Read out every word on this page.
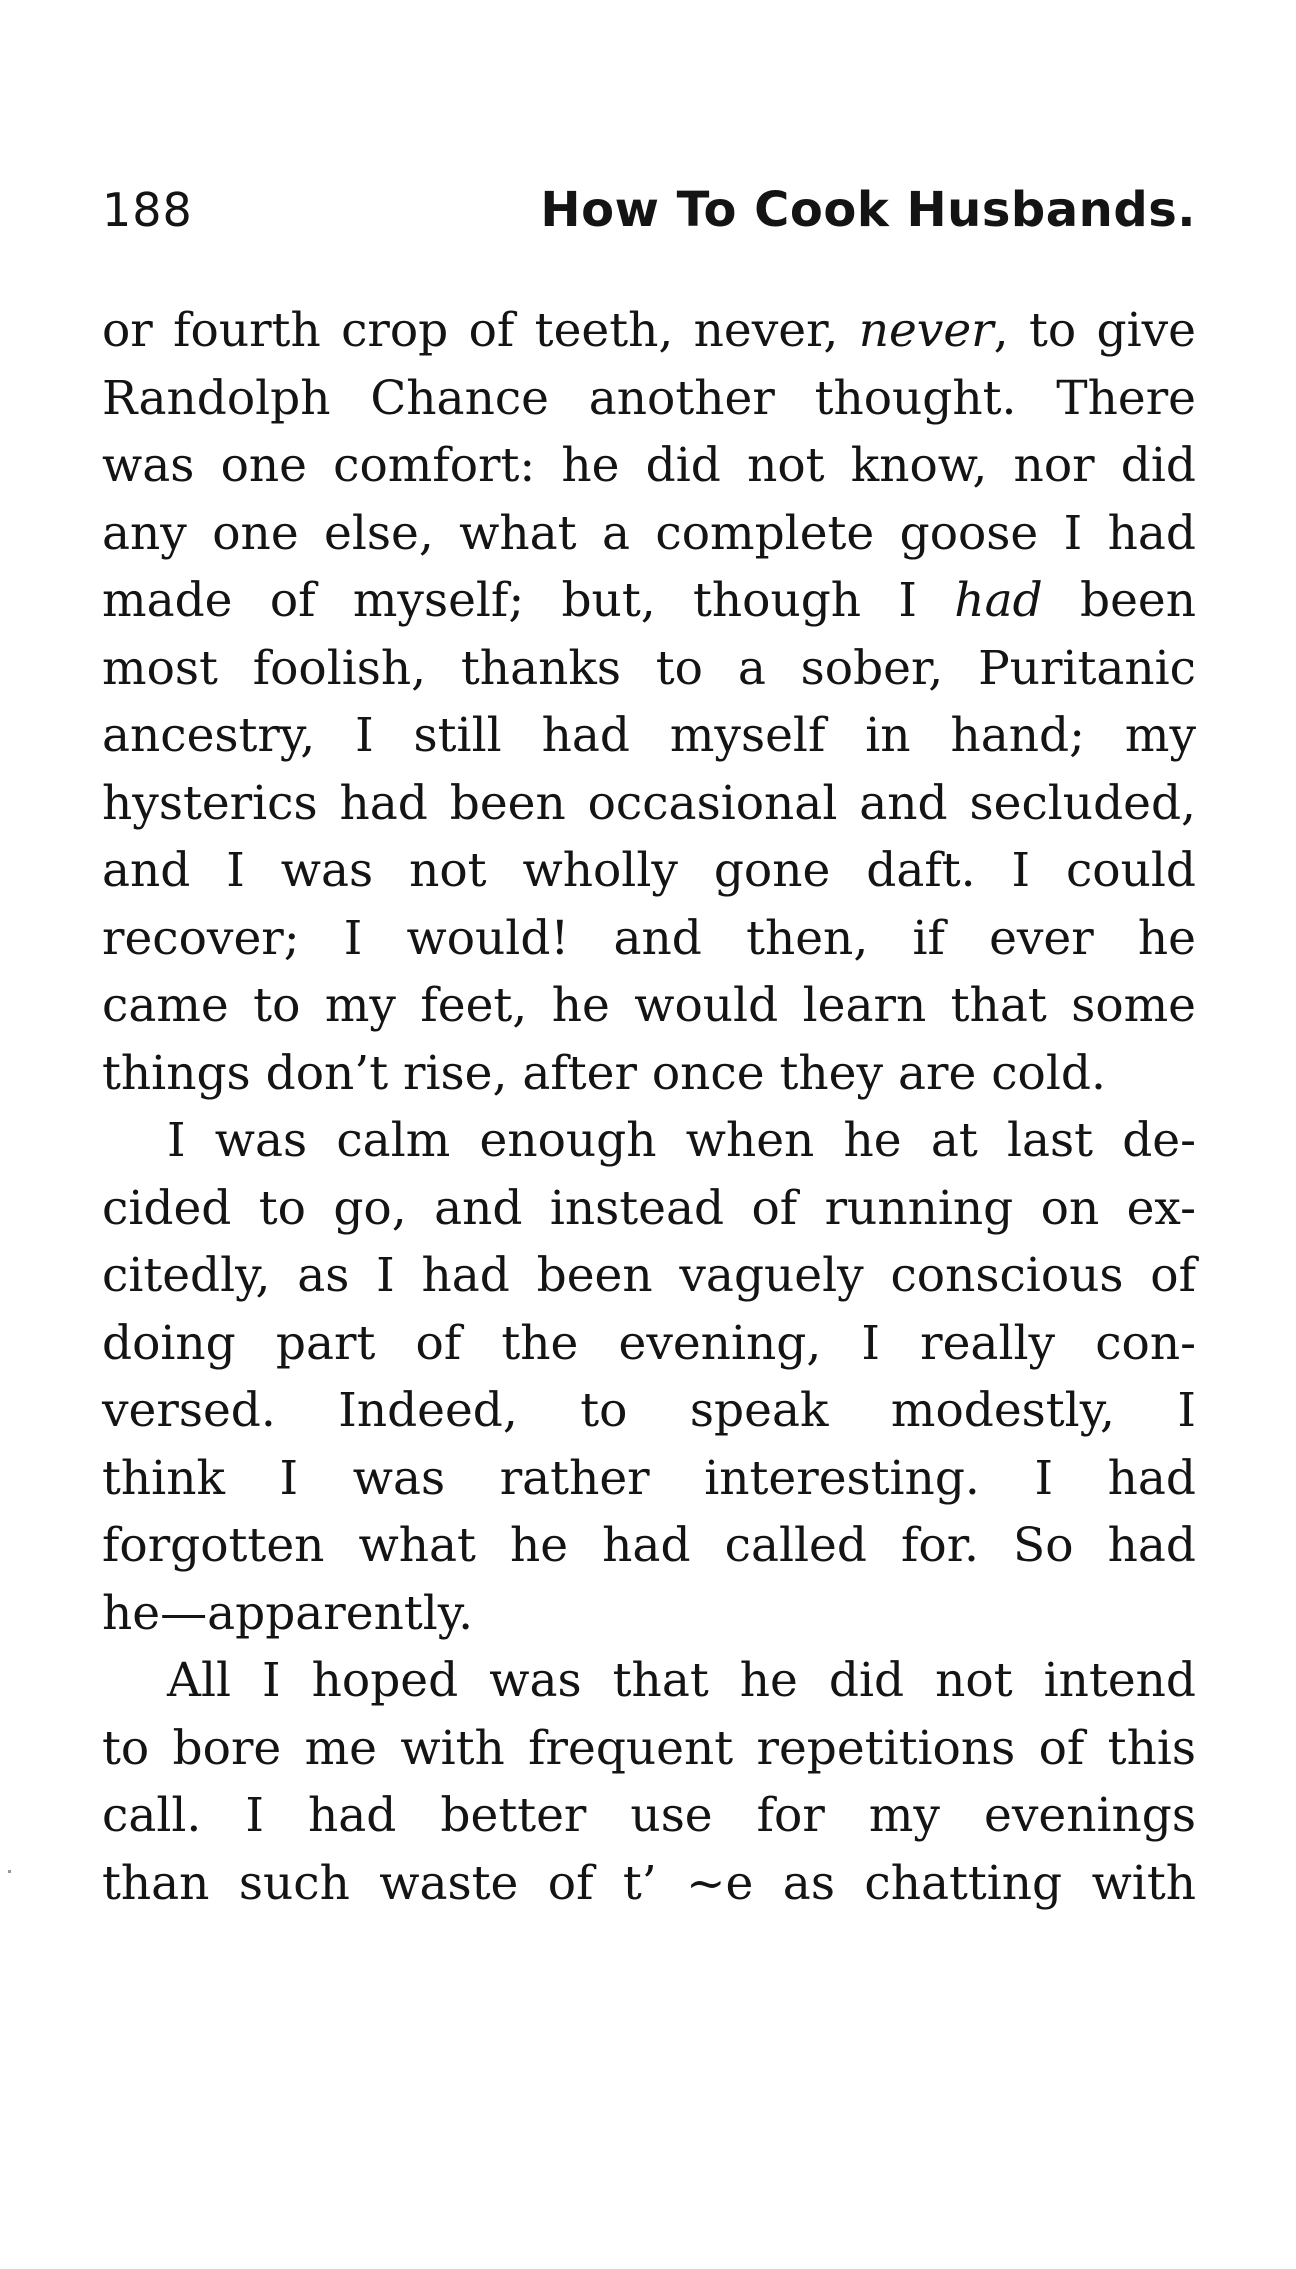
188	How To Cook Husbands.
or fourth crop of teeth, never, never, to give
Randolph Chance another thought. There
was one comfort: he did not know, nor did
any one else, what a complete goose I had
made of myself; but, though I had been
most foolish, thanks to a sober, Puritanic
ancestry, I still had myself in hand; my
hysterics had been occasional and secluded,
and I was not wholly gone daft. I could
recover; I would! and then, if ever he
came to my feet, he would learn that some
things don’t rise, after once they are cold.
I was calm enough when he at last de-
cided to go, and instead of running on ex-
citedly, as I had been vaguely conscious of
doing part of the evening, I really con-
versed. Indeed, to speak modestly, I
think I was rather interesting. I had
forgotten what he had called for. So had
he—apparently.
All I hoped was that he did not intend
to bore me with frequent repetitions of this
call. I had better use for my evenings
than such waste of t’ ~e as chatting with
